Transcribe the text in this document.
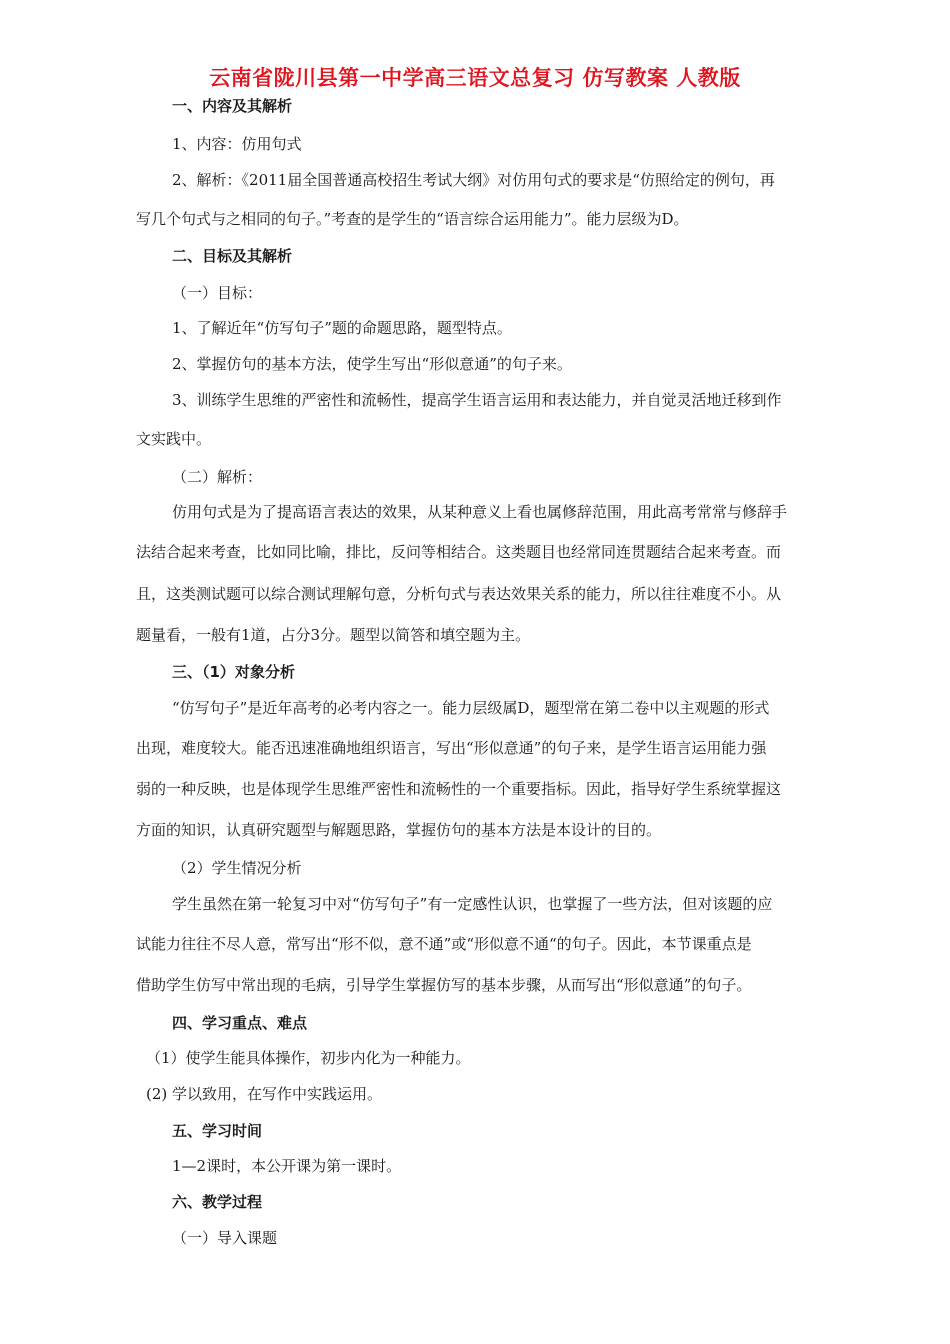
云南省陇川县第一中学高三语文总复习 仿写教案 人教版
一、内容及其解析
1、内容：仿用句式
2、解析：《2011届全国普通高校招生考试大纲》对仿用句式的要求是“仿照给定的例句，再
写几个句式与之相同的句子。”考查的是学生的“语言综合运用能力”。能力层级为D。
二、目标及其解析
（一）目标：
1、了解近年“仿写句子”题的命题思路，题型特点。
2、掌握仿句的基本方法，使学生写出“形似意通”的句子来。
3、训练学生思维的严密性和流畅性，提高学生语言运用和表达能力，并自觉灵活地迁移到作
文实践中。
（二）解析：
仿用句式是为了提高语言表达的效果，从某种意义上看也属修辞范围，用此高考常常与修辞手
法结合起来考查，比如同比喻，排比，反问等相结合。这类题目也经常同连贯题结合起来考查。而
且，这类测试题可以综合测试理解句意，分析句式与表达效果关系的能力，所以往往难度不小。从
题量看，一般有1道，占分3分。题型以简答和填空题为主。
三、（1）对象分析
“仿写句子”是近年高考的必考内容之一。能力层级属D，题型常在第二卷中以主观题的形式
出现，难度较大。能否迅速准确地组织语言，写出“形似意通”的句子来，是学生语言运用能力强
弱的一种反映，也是体现学生思维严密性和流畅性的一个重要指标。因此，指导好学生系统掌握这
方面的知识，认真研究题型与解题思路，掌握仿句的基本方法是本设计的目的。
（2）学生情况分析
学生虽然在第一轮复习中对“仿写句子”有一定感性认识，也掌握了一些方法，但对该题的应
试能力往往不尽人意，常写出“形不似，意不通”或“形似意不通“的句子。因此，本节课重点是
借助学生仿写中常出现的毛病，引导学生掌握仿写的基本步骤，从而写出“形似意通”的句子。
四、学习重点、难点
（1）使学生能具体操作，初步内化为一种能力。
(2) 学以致用，在写作中实践运用。
五、学习时间
1—2课时，本公开课为第一课时。
六、教学过程
（一）导入课题
